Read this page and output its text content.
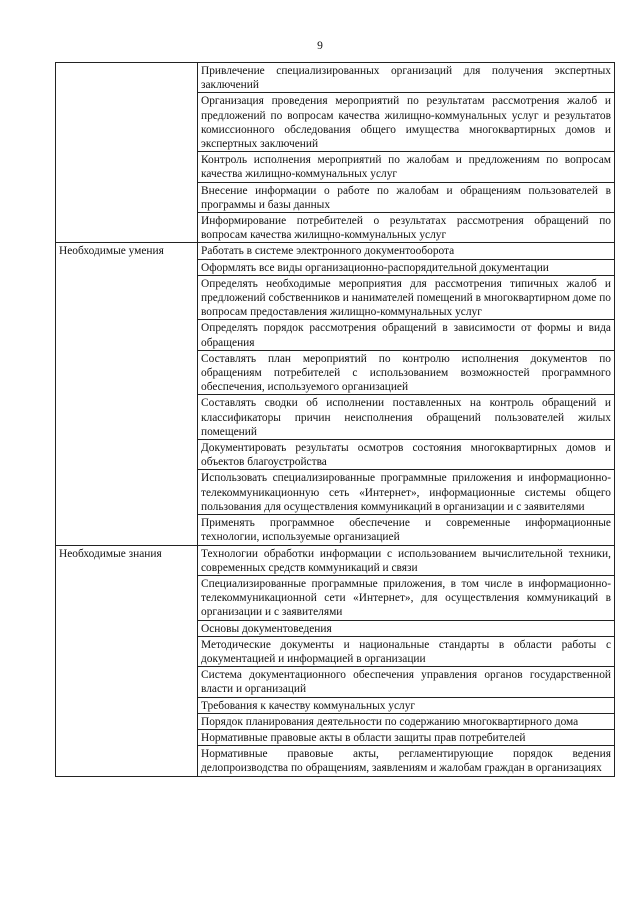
9
	Привлечение специализированных организаций для получения экспертных заключений
	Организация проведения мероприятий по результатам рассмотрения жалоб и предложений по вопросам качества жилищно-коммунальных услуг и результатов комиссионного обследования общего имущества многоквартирных домов и экспертных заключений
	Контроль исполнения мероприятий по жалобам и предложениям по вопросам качества жилищно-коммунальных услуг
	Внесение информации о работе по жалобам и обращениям пользователей в программы и базы данных
	Информирование потребителей о результатах рассмотрения обращений по вопросам качества жилищно-коммунальных услуг
Необходимые умения	Работать в системе электронного документооборота
	Оформлять все виды организационно-распорядительной документации
	Определять необходимые мероприятия для рассмотрения типичных жалоб и предложений собственников и нанимателей помещений в многоквартирном доме по вопросам предоставления жилищно-коммунальных услуг
	Определять порядок рассмотрения обращений в зависимости от формы и вида обращения
	Составлять план мероприятий по контролю исполнения документов по обращениям потребителей с использованием возможностей программного обеспечения, используемого организацией
	Составлять сводки об исполнении поставленных на контроль обращений и классификаторы причин неисполнения обращений пользователей жилых помещений
	Документировать результаты осмотров состояния многоквартирных домов и объектов благоустройства
	Использовать специализированные программные приложения и информационно-телекоммуникационную сеть «Интернет», информационные системы общего пользования для осуществления коммуникаций в организации и с заявителями
	Применять программное обеспечение и современные информационные технологии, используемые организацией
Необходимые знания	Технологии обработки информации с использованием вычислительной техники, современных средств коммуникаций и связи
	Специализированные программные приложения, в том числе в информационно-телекоммуникационной сети «Интернет», для осуществления коммуникаций в организации и с заявителями
	Основы документоведения
	Методические документы и национальные стандарты в области работы с документацией и информацией в организации
	Система документационного обеспечения управления органов государственной власти и организаций
	Требования к качеству коммунальных услуг
	Порядок планирования деятельности по содержанию многоквартирного дома
	Нормативные правовые акты в области защиты прав потребителей
	Нормативные правовые акты, регламентирующие порядок ведения делопроизводства по обращениям, заявлениям и жалобам граждан в организациях
